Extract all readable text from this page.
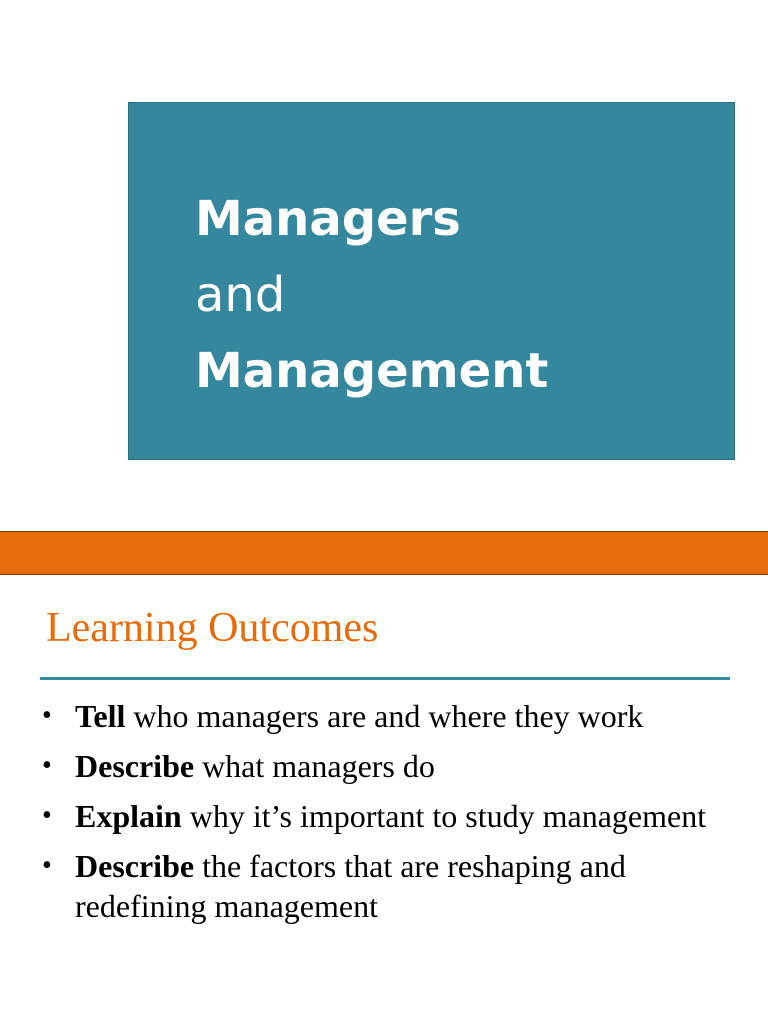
Managers
and
Management
Learning Outcomes
• Tell who managers are and where they work
• Describe what managers do
• Explain why it’s important to study management
• Describe the factors that are reshaping and redefining management
